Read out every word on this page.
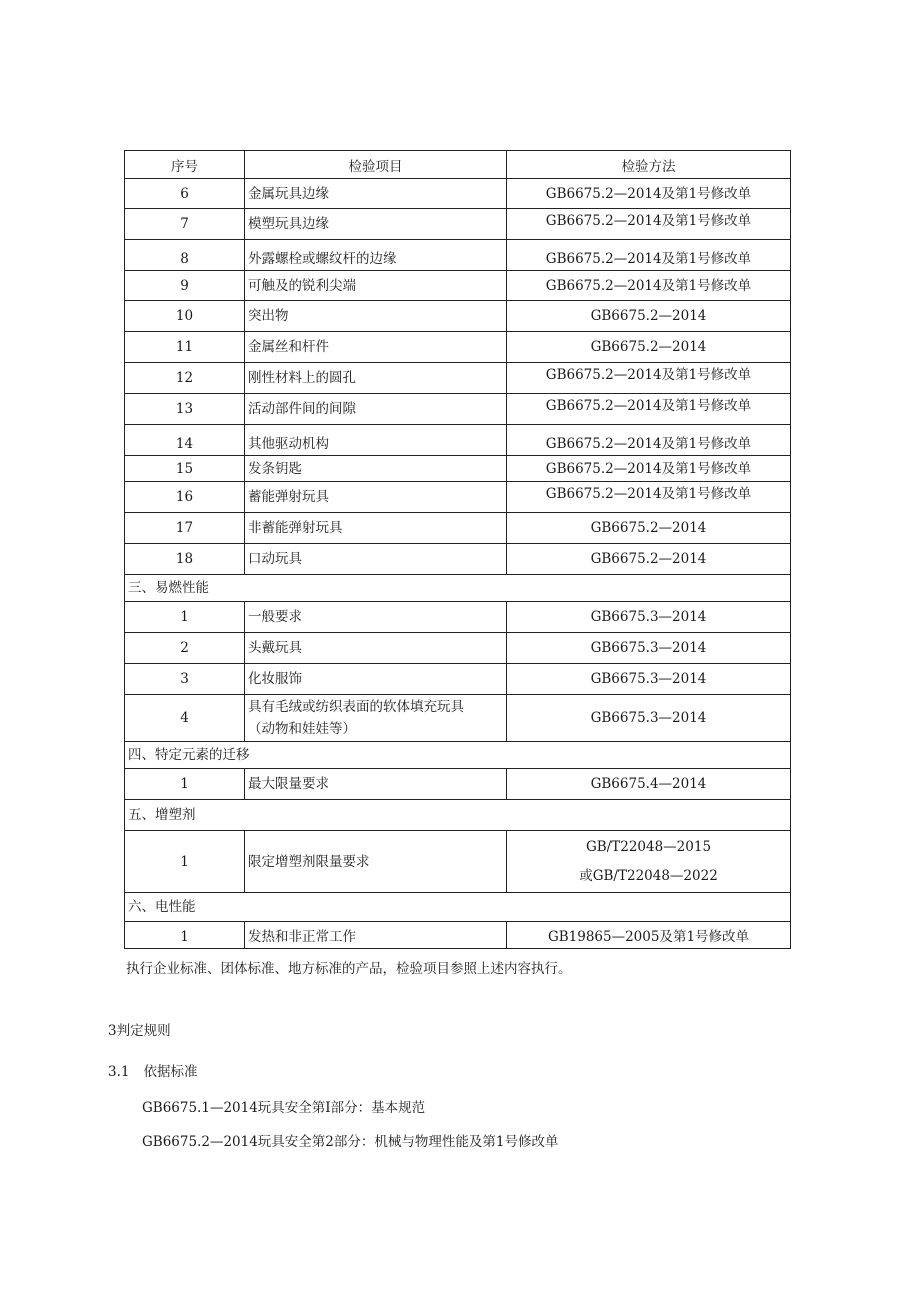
序号	检验项目	检验方法
6	金属玩具边缘	GB6675.2—2014及第1号修改单
7	模塑玩具边缘	GB6675.2—2014及第1号修改单
8	外露螺栓或螺纹杆的边缘	GB6675.2—2014及第1号修改单
9	可触及的锐利尖端	GB6675.2—2014及第1号修改单
10	突出物	GB6675.2—2014
11	金属丝和杆件	GB6675.2—2014
12	刚性材料上的圆孔	GB6675.2—2014及第1号修改单
13	活动部件间的间隙	GB6675.2—2014及第1号修改单
14	其他驱动机构	GB6675.2—2014及第1号修改单
15	发条钥匙	GB6675.2—2014及第1号修改单
16	蓄能弹射玩具	GB6675.2—2014及第1号修改单
17	非蓄能弹射玩具	GB6675.2—2014
18	口动玩具	GB6675.2—2014
三、易燃性能		
1	一般要求	GB6675.3—2014
2	头戴玩具	GB6675.3—2014
3	化妆服饰	GB6675.3—2014
4	具有毛绒或纺织表面的软体填充玩具
（动物和娃娃等）	GB6675.3—2014
四、特定元素的迁移		
1	最大限量要求	GB6675.4—2014
五、增塑剂		
1	限定增塑剂限量要求	GB/T22048—2015
或GB/T22048—2022

六、电性能		
1	发热和非正常工作	GB19865—2005及第1号修改单
执行企业标准、团体标准、地方标准的产品，检验项目参照上述内容执行。
3判定规则
3.1 依据标准
GB6675.1—2014玩具安全第I部分：基本规范
GB6675.2—2014玩具安全第2部分：机械与物理性能及第1号修改单
